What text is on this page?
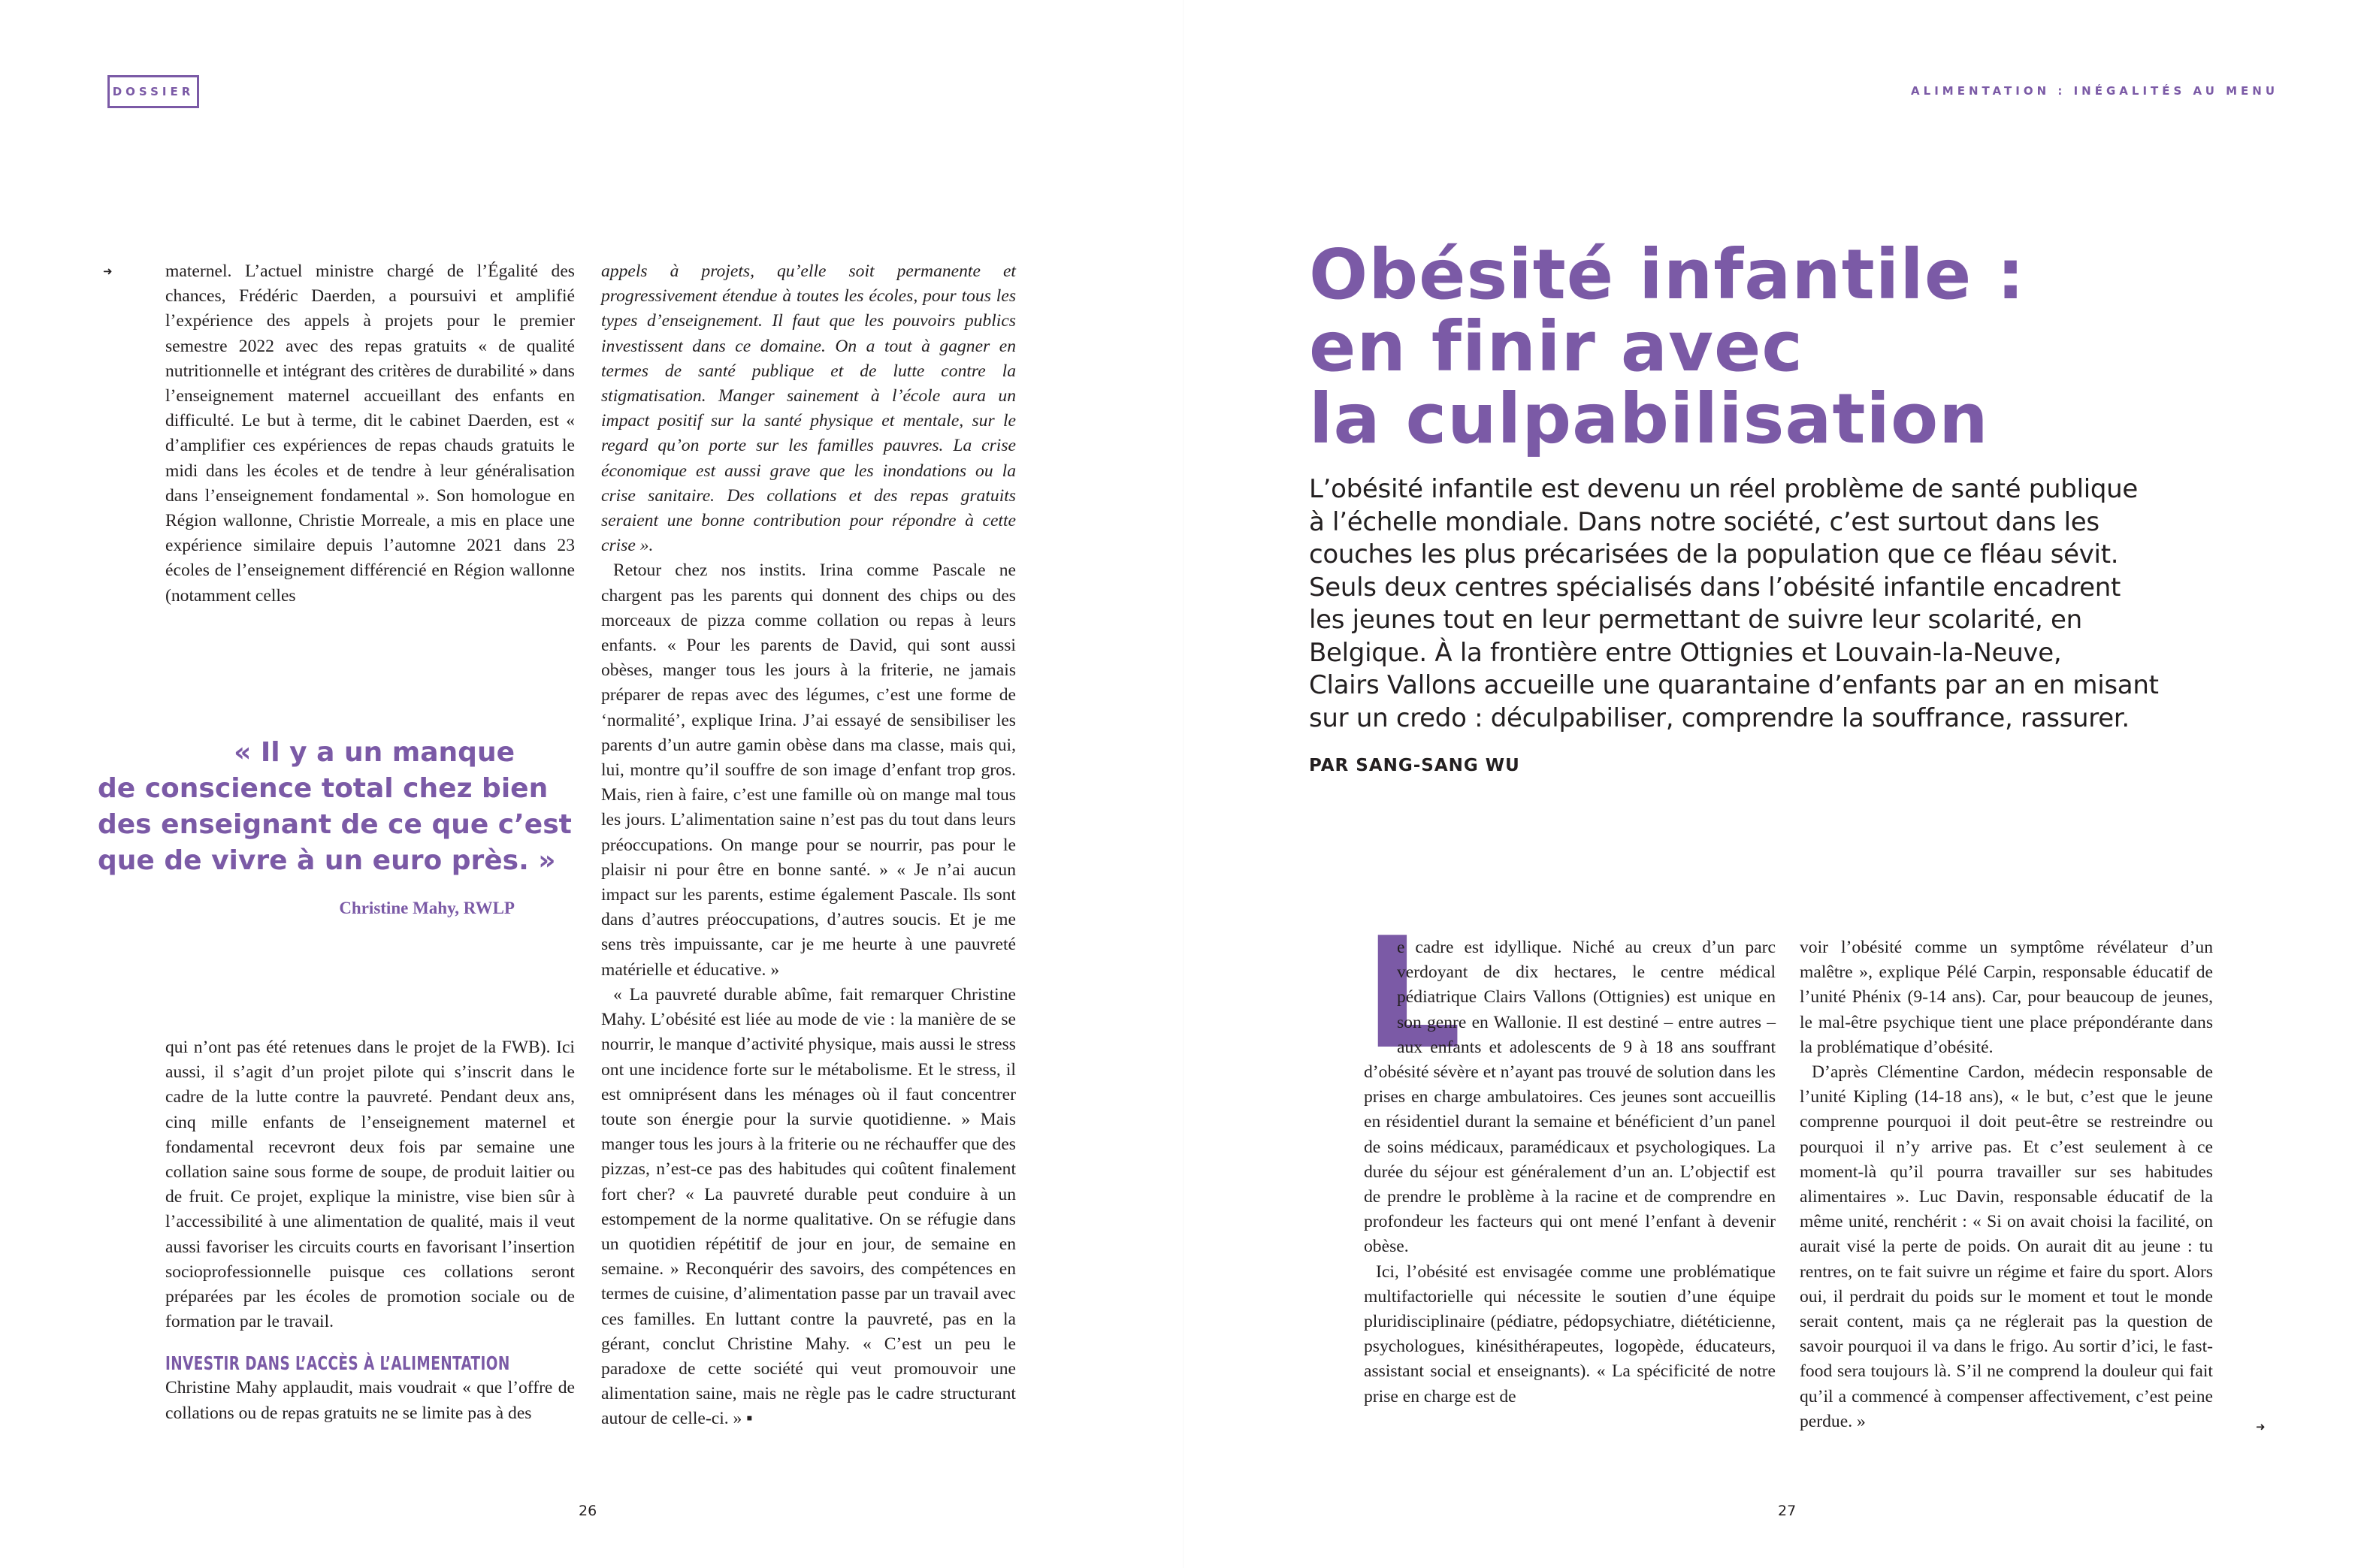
DOSSIER	ALIMENTATION : INÉGALITÉS AU MENU
➜	maternel. L’actuel ministre chargé de l’Égalité des chances, Frédéric Daerden, a poursuivi et amplifié l’expérience des appels à projets pour le premier semestre 2022 avec des repas gratuits « de qualité nutritionnelle et intégrant des critères de durabilité » dans l’enseignement maternel accueillant des enfants en difficulté. Le but à terme, dit le cabinet Daerden, est « d’amplifier ces expériences de repas chauds gratuits le midi dans les écoles et de tendre à leur généralisation dans l’enseignement fondamental ». Son homologue en Région wallonne, Christie Morreale, a mis en place une expérience similaire depuis l’automne 2021 dans 23 écoles de l’enseignement différencié en Région wallonne (notamment celles

« Il y a un manque
de conscience total chez bien
des enseignant de ce que c’est
que de vivre à un euro près. »
Christine Mahy, RWLP

qui n’ont pas été retenues dans le projet de la FWB). Ici aussi, il s’agit d’un projet pilote qui s’inscrit dans le cadre de la lutte contre la pauvreté. Pendant deux ans, cinq mille enfants de l’enseignement maternel et fondamental recevront deux fois par semaine une collation saine sous forme de soupe, de produit laitier ou de fruit. Ce projet, explique la ministre, vise bien sûr à l’accessibilité à une alimentation de qualité, mais il veut aussi favoriser les circuits courts en favorisant l’insertion socioprofessionnelle puisque ces collations seront préparées par les écoles de promotion sociale ou de formation par le travail.

INVESTIR DANS L’ACCÈS À L’ALIMENTATION

Christine Mahy applaudit, mais voudrait « que l’offre de collations ou de repas gratuits ne se limite pas à des

appels à projets, qu’elle soit permanente et progressivement étendue à toutes les écoles, pour tous les types d’enseignement. Il faut que les pouvoirs publics investissent dans ce domaine. On a tout à gagner en termes de santé publique et de lutte contre la stigmatisation. Manger sainement à l’école aura un impact positif sur la santé physique et mentale, sur le regard qu’on porte sur les familles pauvres. La crise économique est aussi grave que les inondations ou la crise sanitaire. Des collations et des repas gratuits seraient une bonne contribution pour répondre à cette crise ».

Retour chez nos instits. Irina comme Pascale ne chargent pas les parents qui donnent des chips ou des morceaux de pizza comme collation ou repas à leurs enfants. « Pour les parents de David, qui sont aussi obèses, manger tous les jours à la friterie, ne jamais préparer de repas avec des légumes, c’est une forme de ‘normalité’, explique Irina. J’ai essayé de sensibiliser les parents d’un autre gamin obèse dans ma classe, mais qui, lui, montre qu’il souffre de son image d’enfant trop gros. Mais, rien à faire, c’est une famille où on mange mal tous les jours. L’alimentation saine n’est pas du tout dans leurs préoccupations. On mange pour se nourrir, pas pour le plaisir ni pour être en bonne santé. » « Je n’ai aucun impact sur les parents, estime également Pascale. Ils sont dans d’autres préoccupations, d’autres soucis. Et je me sens très impuissante, car je me heurte à une pauvreté matérielle et éducative. »

« La pauvreté durable abîme, fait remarquer Christine Mahy. L’obésité est liée au mode de vie : la manière de se nourrir, le manque d’activité physique, mais aussi le stress ont une incidence forte sur le métabolisme. Et le stress, il est omniprésent dans les ménages où il faut concentrer toute son énergie pour la survie quotidienne. » Mais manger tous les jours à la friterie ou ne réchauffer que des pizzas, n’est-ce pas des habitudes qui coûtent finalement fort cher? « La pauvreté durable peut conduire à un estompement de la norme qualitative. On se réfugie dans un quotidien répétitif de jour en jour, de semaine en semaine. » Reconquérir des savoirs, des compétences en termes de cuisine, d’alimentation passe par un travail avec ces familles. En luttant contre la pauvreté, pas en la gérant, conclut Christine Mahy. « C’est un peu le paradoxe de cette société qui veut promouvoir une alimentation saine, mais ne règle pas le cadre structurant autour de celle-ci. » ▪

26
Obésité infantile :
en finir avec
la culpabilisation
L’obésité infantile est devenu un réel problème de santé publique
à l’échelle mondiale. Dans notre société, c’est surtout dans les
couches les plus précarisées de la population que ce fléau sévit.
Seuls deux centres spécialisés dans l’obésité infantile encadrent
les jeunes tout en leur permettant de suivre leur scolarité, en
Belgique. À la frontière entre Ottignies et Louvain-la-Neuve,
Clairs Vallons accueille une quarantaine d’enfants par an en misant
sur un credo : déculpabiliser, comprendre la souffrance, rassurer.
PAR SANG-SANG WU

L
e cadre est idyllique. Niché au creux d’un parc verdoyant de dix hectares, le centre médical pédiatrique Clairs Vallons (Ottignies) est unique en son genre en Wallonie. Il est destiné – entre autres – aux enfants et adolescents de 9 à 18 ans souffrant d’obésité sévère et n’ayant pas trouvé de solution dans les prises en charge ambulatoires. Ces jeunes sont accueillis en résidentiel durant la semaine et bénéficient d’un panel de soins médicaux, paramédicaux et psychologiques. La durée du séjour est généralement d’un an. L’objectif est de prendre le problème à la racine et de comprendre en profondeur les facteurs qui ont mené l’enfant à devenir obèse.

Ici, l’obésité est envisagée comme une problématique multifactorielle qui nécessite le soutien d’une équipe pluridisciplinaire (pédiatre, pédopsychiatre, diététicienne, psychologues, kinésithérapeutes, logopède, éducateurs, assistant social et enseignants). « La spécificité de notre prise en charge est de

voir l’obésité comme un symptôme révélateur d’un malêtre », explique Pélé Carpin, responsable éducatif de l’unité Phénix (9-14 ans). Car, pour beaucoup de jeunes, le mal-être psychique tient une place prépondérante dans la problématique d’obésité.

D’après Clémentine Cardon, médecin responsable de l’unité Kipling (14-18 ans), « le but, c’est que le jeune comprenne pourquoi il doit peut-être se restreindre ou pourquoi il n’y arrive pas. Et c’est seulement à ce moment-là qu’il pourra travailler sur ses habitudes alimentaires ». Luc Davin, responsable éducatif de la même unité, renchérit : « Si on avait choisi la facilité, on aurait visé la perte de poids. On aurait dit au jeune : tu rentres, on te fait suivre un régime et faire du sport. Alors oui, il perdrait du poids sur le moment et tout le monde serait content, mais ça ne réglerait pas la question de savoir pourquoi il va dans le frigo. Au sortir d’ici, le fast-food sera toujours là. S’il ne comprend la douleur qui fait qu’il a commencé à compenser affectivement, c’est peine perdue. »	➜
27
